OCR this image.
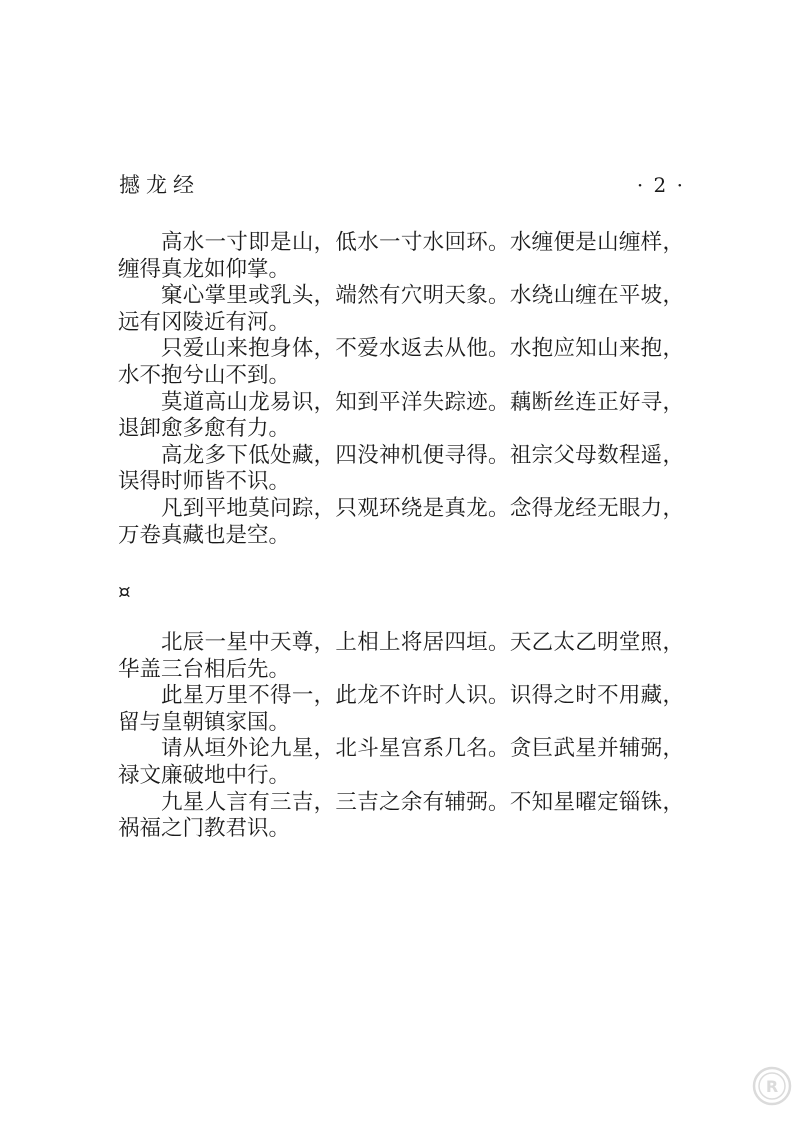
撼龙经	· 2 ·

高水一寸即是山，低水一寸水回环。水缠便是山缠样，缠得真龙如仰掌。

窠心掌里或乳头，端然有穴明天象。水绕山缠在平坡，远有冈陵近有河。

只爱山来抱身体，不爱水返去从他。水抱应知山来抱，水不抱兮山不到。

莫道高山龙易识，知到平洋失踪迹。藕断丝连正好寻，退卸愈多愈有力。

高龙多下低处藏，四没神机便寻得。祖宗父母数程遥，误得时师皆不识。

凡到平地莫问踪，只观环绕是真龙。念得龙经无眼力，万卷真藏也是空。

¤

北辰一星中天尊，上相上将居四垣。天乙太乙明堂照，华盖三台相后先。

此星万里不得一，此龙不许时人识。识得之时不用藏，留与皇朝镇家国。

请从垣外论九星，北斗星宫系几名。贪巨武星并辅弼，禄文廉破地中行。

九星人言有三吉，三吉之余有辅弼。不知星曜定锱铢，祸福之门教君识。

R
